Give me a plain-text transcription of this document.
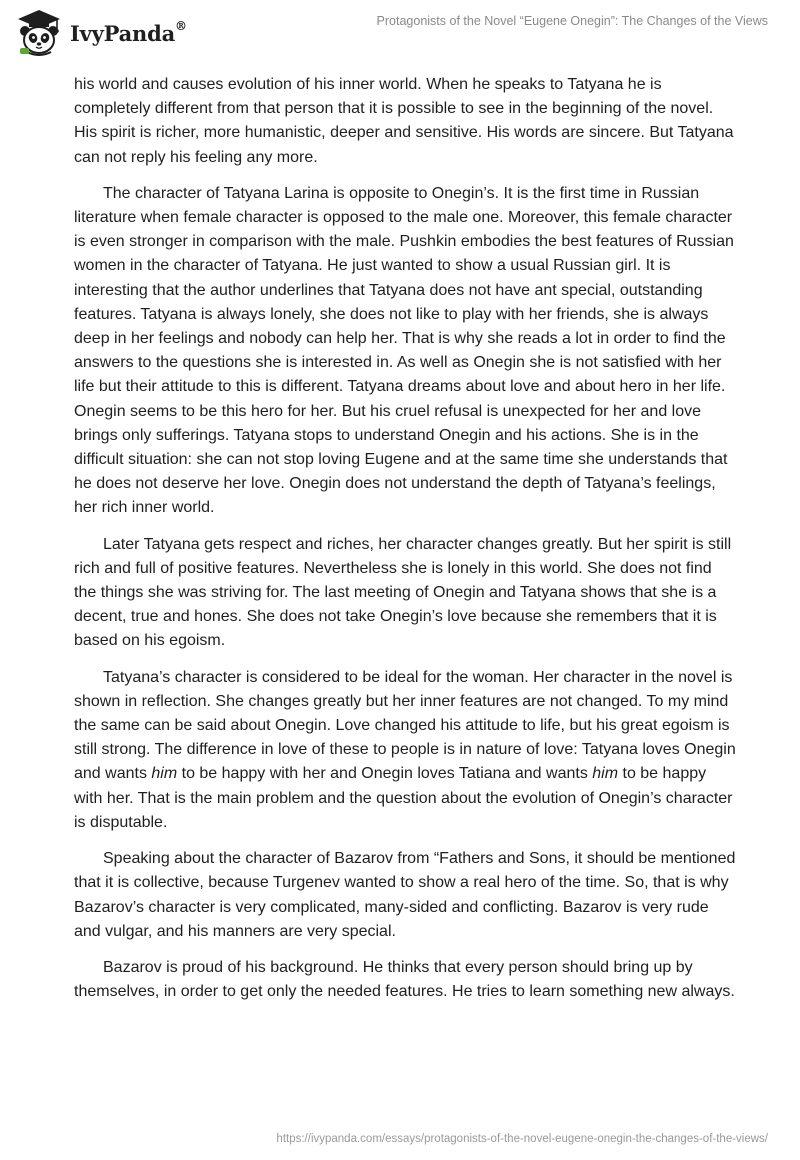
IvyPanda®	Protagonists of the Novel “Eugene Onegin”: The Changes of the Views

his world and causes evolution of his inner world. When he speaks to Tatyana he is completely different from that person that it is possible to see in the beginning of the novel. His spirit is richer, more humanistic, deeper and sensitive. His words are sincere. But Tatyana can not reply his feeling any more.

The character of Tatyana Larina is opposite to Onegin’s. It is the first time in Russian literature when female character is opposed to the male one. Moreover, this female character is even stronger in comparison with the male. Pushkin embodies the best features of Russian women in the character of Tatyana. He just wanted to show a usual Russian girl. It is interesting that the author underlines that Tatyana does not have ant special, outstanding features. Tatyana is always lonely, she does not like to play with her friends, she is always deep in her feelings and nobody can help her. That is why she reads a lot in order to find the answers to the questions she is interested in. As well as Onegin she is not satisfied with her life but their attitude to this is different. Tatyana dreams about love and about hero in her life. Onegin seems to be this hero for her. But his cruel refusal is unexpected for her and love brings only sufferings. Tatyana stops to understand Onegin and his actions. She is in the difficult situation: she can not stop loving Eugene and at the same time she understands that he does not deserve her love. Onegin does not understand the depth of Tatyana’s feelings, her rich inner world.

Later Tatyana gets respect and riches, her character changes greatly. But her spirit is still rich and full of positive features. Nevertheless she is lonely in this world. She does not find the things she was striving for. The last meeting of Onegin and Tatyana shows that she is a decent, true and hones. She does not take Onegin’s love because she remembers that it is based on his egoism.

Tatyana’s character is considered to be ideal for the woman. Her character in the novel is shown in reflection. She changes greatly but her inner features are not changed. To my mind the same can be said about Onegin. Love changed his attitude to life, but his great egoism is still strong. The difference in love of these to people is in nature of love: Tatyana loves Onegin and wants him to be happy with her and Onegin loves Tatiana and wants him to be happy with her. That is the main problem and the question about the evolution of Onegin’s character is disputable.

Speaking about the character of Bazarov from “Fathers and Sons, it should be mentioned that it is collective, because Turgenev wanted to show a real hero of the time. So, that is why Bazarov’s character is very complicated, many-sided and conflicting. Bazarov is very rude and vulgar, and his manners are very special.

Bazarov is proud of his background. He thinks that every person should bring up by themselves, in order to get only the needed features. He tries to learn something new always.

https://ivypanda.com/essays/protagonists-of-the-novel-eugene-onegin-the-changes-of-the-views/
